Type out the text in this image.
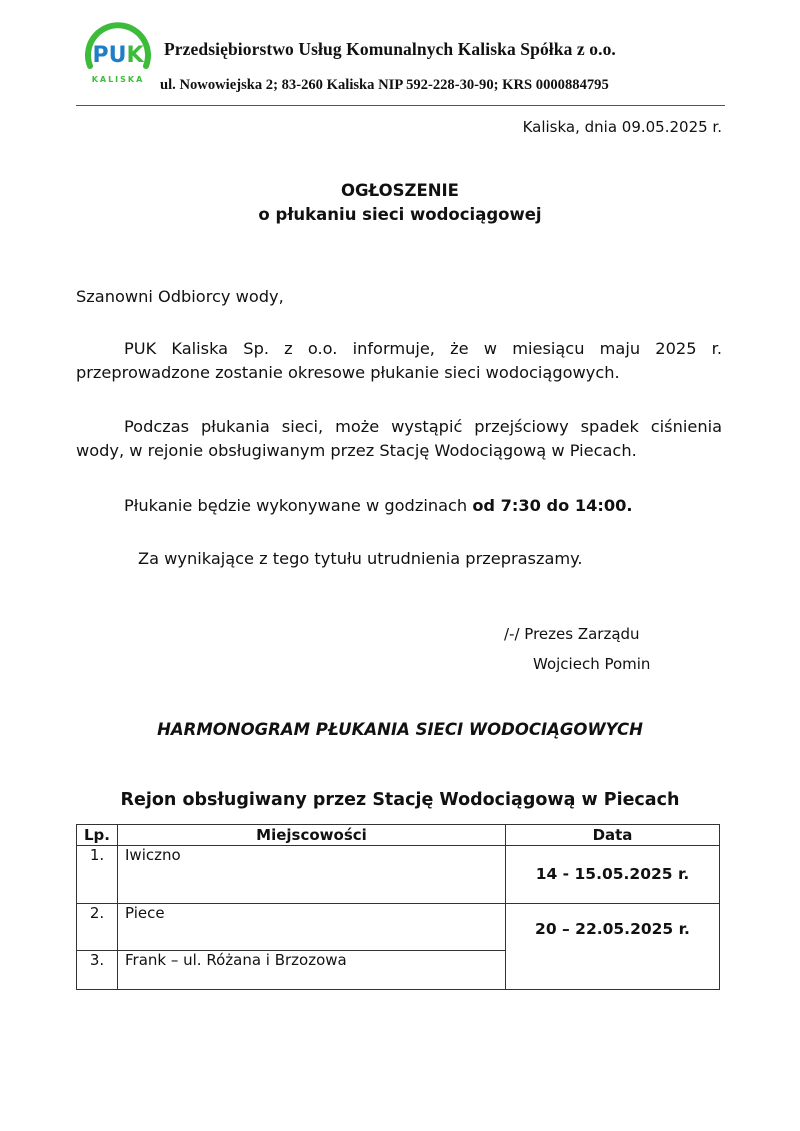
PUK
KALISKA
Przedsiębiorstwo Usług Komunalnych Kaliska Spółka z o.o.
ul. Nowowiejska 2; 83-260 Kaliska NIP 592-228-30-90; KRS 0000884795
Kaliska, dnia 09.05.2025 r.
OGŁOSZENIE
o płukaniu sieci wodociągowej
Szanowni Odbiorcy wody,
PUK Kaliska Sp. z o.o. informuje, że w miesiącu maju 2025 r. przeprowadzone zostanie okresowe płukanie sieci wodociągowych.
Podczas płukania sieci, może wystąpić przejściowy spadek ciśnienia wody, w rejonie obsługiwanym przez Stację Wodociągową w Piecach.
Płukanie będzie wykonywane w godzinach od 7:30 do 14:00.
Za wynikające z tego tytułu utrudnienia przepraszamy.
/-/ Prezes Zarządu
Wojciech Pomin
HARMONOGRAM PŁUKANIA SIECI WODOCIĄGOWYCH
Rejon obsługiwany przez Stację Wodociągową w Piecach
Lp.	Miejscowości	Data
1.	Iwiczno	14 - 15.05.2025 r.
2.	Piece	20 – 22.05.2025 r.
3.	Frank – ul. Różana i Brzozowa	
